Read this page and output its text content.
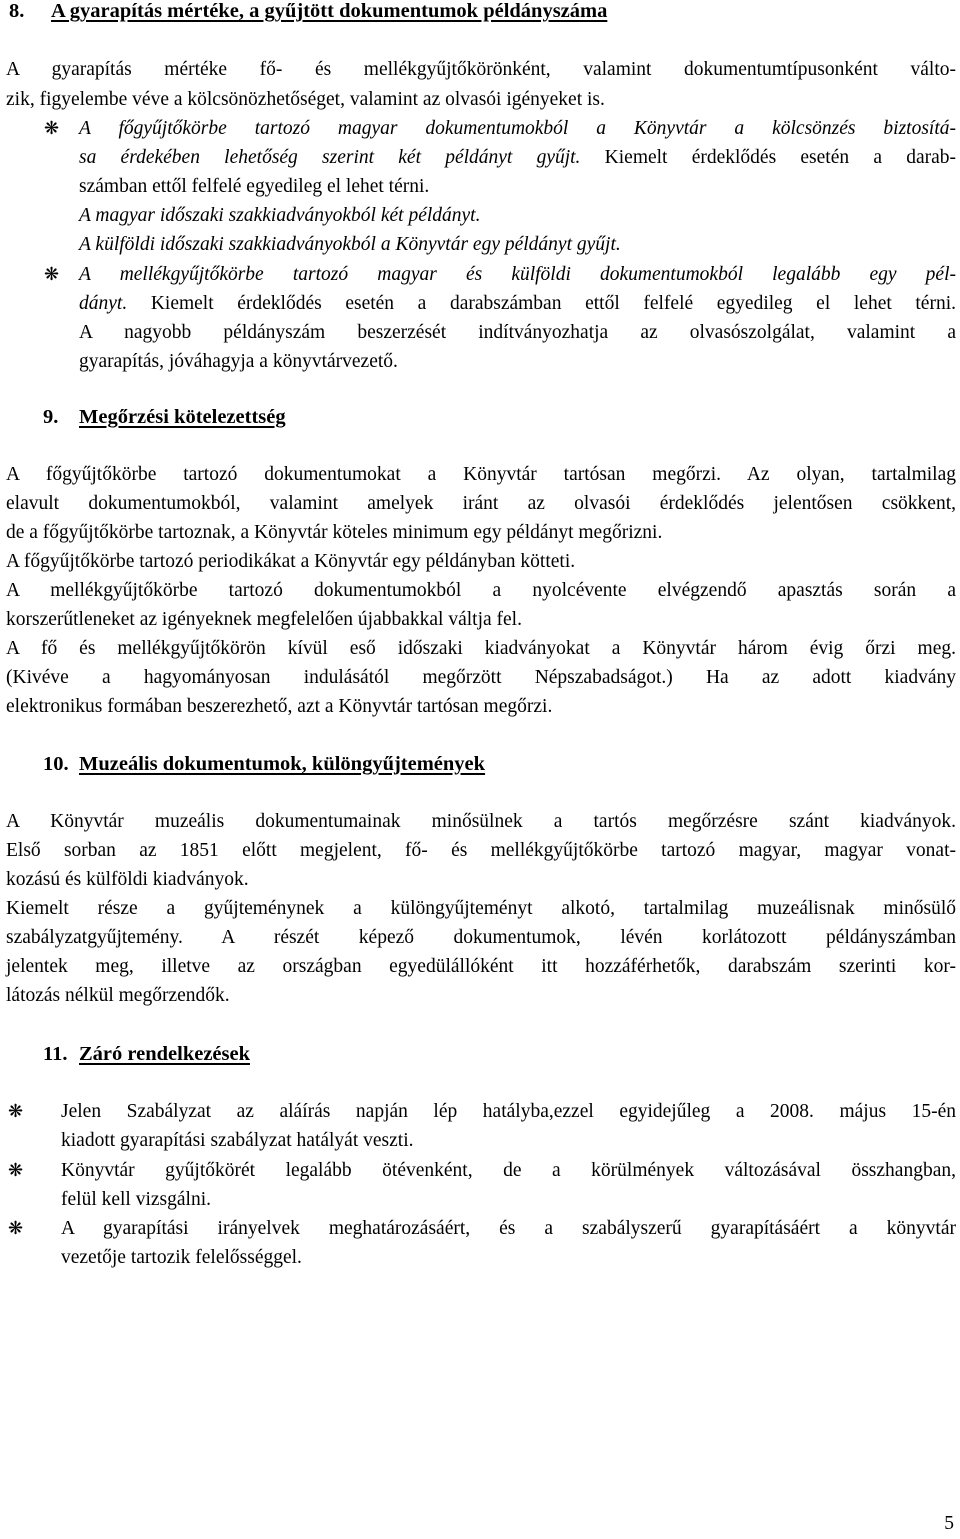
8. A gyarapítás mértéke, a gyűjtött dokumentumok példányszáma

A gyarapítás mértéke fő- és mellékgyűjtőkörönként, valamint dokumentumtípusonként válto-

zik, figyelembe véve a kölcsönözhetőséget, valamint az olvasói igényeket is.

❋ A főgyűjtőkörbe tartozó magyar dokumentumokból a Könyvtár a kölcsönzés biztosítá-

sa érdekében lehetőség szerint két példányt gyűjt. Kiemelt érdeklődés esetén a darab-

számban ettől felfelé egyedileg el lehet térni.

A magyar időszaki szakkiadványokból két példányt.

A külföldi időszaki szakkiadványokból a Könyvtár egy példányt gyűjt.

❋ A mellékgyűjtőkörbe tartozó magyar és külföldi dokumentumokból legalább egy pél-

dányt. Kiemelt érdeklődés esetén a darabszámban ettől felfelé egyedileg el lehet térni.

A nagyobb példányszám beszerzését indítványozhatja az olvasószolgálat, valamint a

gyarapítás, jóváhagyja a könyvtárvezető.

9. Megőrzési kötelezettség

A főgyűjtőkörbe tartozó dokumentumokat a Könyvtár tartósan megőrzi. Az olyan, tartalmilag

elavult dokumentumokból, valamint amelyek iránt az olvasói érdeklődés jelentősen csökkent,

de a főgyűjtőkörbe tartoznak, a Könyvtár köteles minimum egy példányt megőrizni.

A főgyűjtőkörbe tartozó periodikákat a Könyvtár egy példányban kötteti.

A mellékgyűjtőkörbe tartozó dokumentumokból a nyolcévente elvégzendő apasztás során a

korszerűtleneket az igényeknek megfelelően újabbakkal váltja fel.

A fő és mellékgyűjtőkörön kívül eső időszaki kiadványokat a Könyvtár három évig őrzi meg.

(Kivéve a hagyományosan indulásától megőrzött Népszabadságot.) Ha az adott kiadvány

elektronikus formában beszerezhető, azt a Könyvtár tartósan megőrzi.

10. Muzeális dokumentumok, különgyűjtemények

A Könyvtár muzeális dokumentumainak minősülnek a tartós megőrzésre szánt kiadványok.

Első sorban az 1851 előtt megjelent, fő- és mellékgyűjtőkörbe tartozó magyar, magyar vonat-

kozású és külföldi kiadványok.

Kiemelt része a gyűjteménynek a különgyűjteményt alkotó, tartalmilag muzeálisnak minősülő

szabályzatgyűjtemény. A részét képező dokumentumok, lévén korlátozott példányszámban

jelentek meg, illetve az országban egyedülállóként itt hozzáférhetők, darabszám szerinti kor-

látozás nélkül megőrzendők.

11. Záró rendelkezések
❋ Jelen Szabályzat az aláírás napján lép hatályba,ezzel egyidejűleg a 2008. május 15-én

kiadott gyarapítási szabályzat hatályát veszti.

❋ Könyvtár gyűjtőkörét legalább ötévenként, de a körülmények változásával összhangban,

felül kell vizsgálni.

❋ A gyarapítási irányelvek meghatározásáért, és a szabályszerű gyarapításáért a könyvtár

vezetője tartozik felelősséggel.

5
